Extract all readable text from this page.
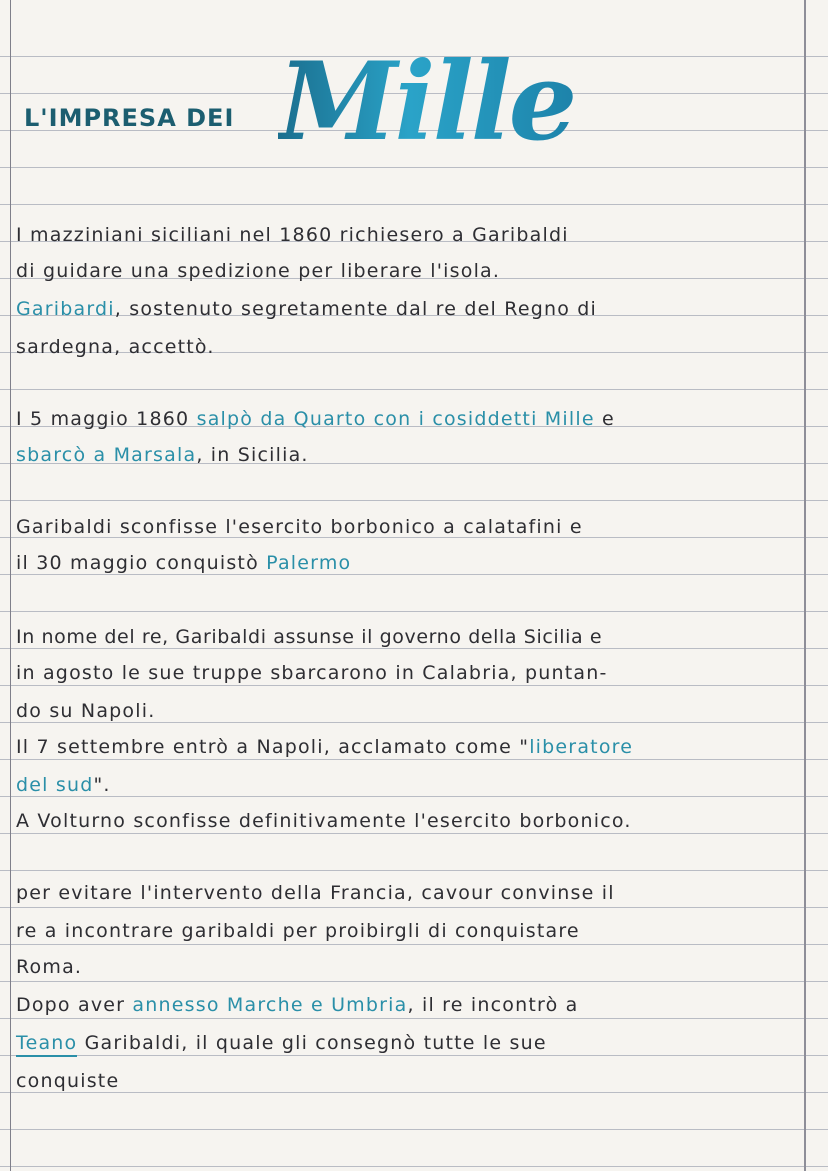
L'IMPRESA DEI Mille
I mazziniani siciliani nel 1860 richiesero a Garibaldi
di guidare una spedizione per liberare l'isola.
Garibardi, sostenuto segretamente dal re del Regno di
sardegna, accettò.
I 5 maggio 1860 salpò da Quarto con i cosiddetti Mille e
sbarcò a Marsala, in Sicilia.
Garibaldi sconfisse l'esercito borbonico a calatafini e
il 30 maggio conquistò Palermo
In nome del re, Garibaldi assunse il governo della Sicilia e
in agosto le sue truppe sbarcarono in Calabria, puntan-
do su Napoli.
Il 7 settembre entrò a Napoli, acclamato come "liberatore
del sud".
A Volturno sconfisse definitivamente l'esercito borbonico.
per evitare l'intervento della Francia, cavour convinse il
re a incontrare garibaldi per proibirgli di conquistare
Roma.
Dopo aver annesso Marche e Umbria, il re incontrò a
Teano Garibaldi, il quale gli consegnò tutte le sue
conquiste
